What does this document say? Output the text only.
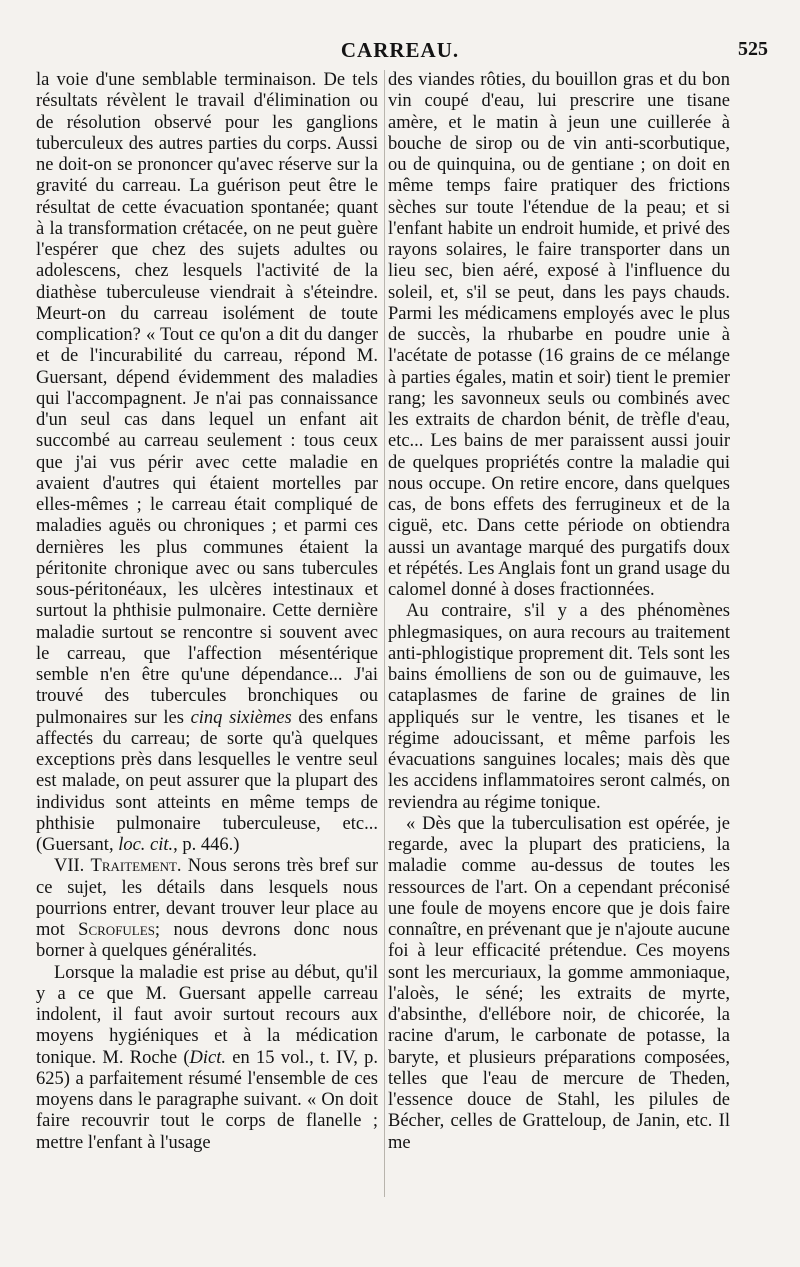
CARREAU.	525

la voie d'une semblable terminaison. De tels résultats révèlent le travail d'élimination ou de résolution observé pour les ganglions tuberculeux des autres parties du corps. Aussi ne doit-on se prononcer qu'avec réserve sur la gravité du carreau. La guérison peut être le résultat de cette évacuation spontanée; quant à la transformation crétacée, on ne peut guère l'espérer que chez des sujets adultes ou adolescens, chez lesquels l'activité de la diathèse tuberculeuse viendrait à s'éteindre. Meurt-on du carreau isolément de toute complication? « Tout ce qu'on a dit du danger et de l'incurabilité du carreau, répond M. Guersant, dépend évidemment des maladies qui l'accompagnent. Je n'ai pas connaissance d'un seul cas dans lequel un enfant ait succombé au carreau seulement : tous ceux que j'ai vus périr avec cette maladie en avaient d'autres qui étaient mortelles par elles-mêmes ; le carreau était compliqué de maladies aguës ou chroniques ; et parmi ces dernières les plus communes étaient la péritonite chronique avec ou sans tubercules sous-péritonéaux, les ulcères intestinaux et surtout la phthisie pulmonaire. Cette dernière maladie surtout se rencontre si souvent avec le carreau, que l'affection mésentérique semble n'en être qu'une dépendance... J'ai trouvé des tubercules bronchiques ou pulmonaires sur les cinq sixièmes des enfans affectés du carreau; de sorte qu'à quelques exceptions près dans lesquelles le ventre seul est malade, on peut assurer que la plupart des individus sont atteints en même temps de phthisie pulmonaire tuberculeuse, etc... (Guersant, loc. cit., p. 446.)

VII. Traitement. Nous serons très bref sur ce sujet, les détails dans lesquels nous pourrions entrer, devant trouver leur place au mot Scrofules; nous devrons donc nous borner à quelques généralités.

Lorsque la maladie est prise au début, qu'il y a ce que M. Guersant appelle carreau indolent, il faut avoir surtout recours aux moyens hygiéniques et à la médication tonique. M. Roche (Dict. en 15 vol., t. IV, p. 625) a parfaitement résumé l'ensemble de ces moyens dans le paragraphe suivant. « On doit faire recouvrir tout le corps de flanelle ; mettre l'enfant à l'usage

des viandes rôties, du bouillon gras et du bon vin coupé d'eau, lui prescrire une tisane amère, et le matin à jeun une cuillerée à bouche de sirop ou de vin anti-scorbutique, ou de quinquina, ou de gentiane ; on doit en même temps faire pratiquer des frictions sèches sur toute l'étendue de la peau; et si l'enfant habite un endroit humide, et privé des rayons solaires, le faire transporter dans un lieu sec, bien aéré, exposé à l'influence du soleil, et, s'il se peut, dans les pays chauds. Parmi les médicamens employés avec le plus de succès, la rhubarbe en poudre unie à l'acétate de potasse (16 grains de ce mélange à parties égales, matin et soir) tient le premier rang; les savonneux seuls ou combinés avec les extraits de chardon bénit, de trèfle d'eau, etc... Les bains de mer paraissent aussi jouir de quelques propriétés contre la maladie qui nous occupe. On retire encore, dans quelques cas, de bons effets des ferrugineux et de la ciguë, etc. Dans cette période on obtiendra aussi un avantage marqué des purgatifs doux et répétés. Les Anglais font un grand usage du calomel donné à doses fractionnées.

Au contraire, s'il y a des phénomènes phlegmasiques, on aura recours au traitement anti-phlogistique proprement dit. Tels sont les bains émolliens de son ou de guimauve, les cataplasmes de farine de graines de lin appliqués sur le ventre, les tisanes et le régime adoucissant, et même parfois les évacuations sanguines locales; mais dès que les accidens inflammatoires seront calmés, on reviendra au régime tonique.

« Dès que la tuberculisation est opérée, je regarde, avec la plupart des praticiens, la maladie comme au-dessus de toutes les ressources de l'art. On a cependant préconisé une foule de moyens encore que je dois faire connaître, en prévenant que je n'ajoute aucune foi à leur efficacité prétendue. Ces moyens sont les mercuriaux, la gomme ammoniaque, l'aloès, le séné; les extraits de myrte, d'absinthe, d'ellébore noir, de chicorée, la racine d'arum, le carbonate de potasse, la baryte, et plusieurs préparations composées, telles que l'eau de mercure de Theden, l'essence douce de Stahl, les pilules de Bécher, celles de Gratteloup, de Janin, etc. Il me
